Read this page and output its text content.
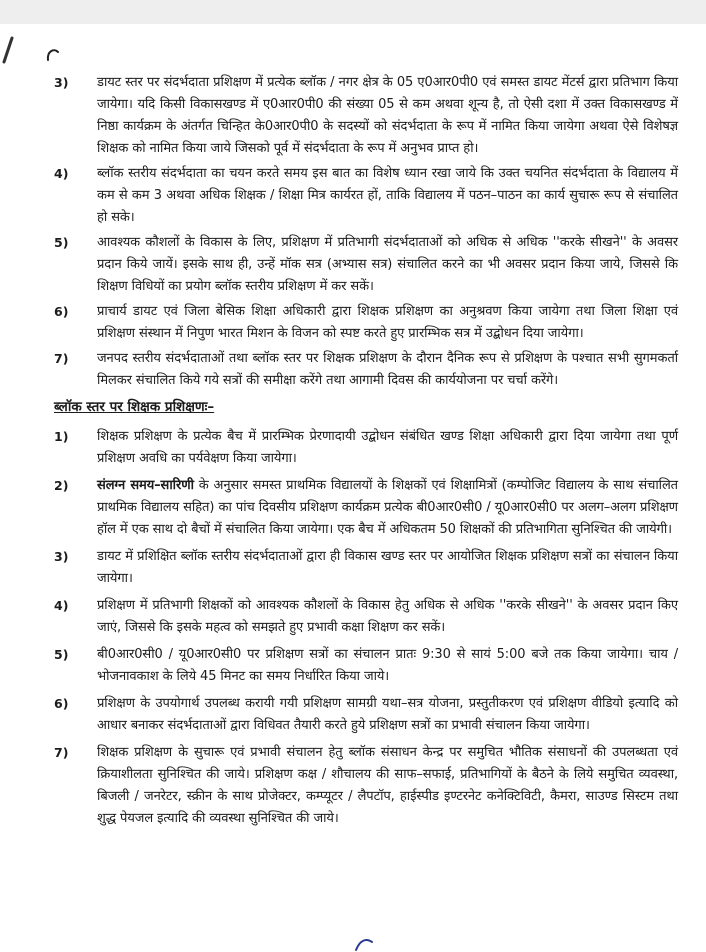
3) डायट स्तर पर संदर्भदाता प्रशिक्षण में प्रत्येक ब्लॉक / नगर क्षेत्र के 05 ए0आर0पी0 एवं समस्त डायट मेंटर्स द्वारा प्रतिभाग किया जायेगा। यदि किसी विकासखण्ड में ए0आर0पी0 की संख्या 05 से कम अथवा शून्य है, तो ऐसी दशा में उक्त विकासखण्ड में निष्ठा कार्यक्रम के अंतर्गत चिन्हित के0आर0पी0 के सदस्यों को संदर्भदाता के रूप में नामित किया जायेगा अथवा ऐसे विशेषज्ञ शिक्षक को नामित किया जाये जिसको पूर्व में संदर्भदाता के रूप में अनुभव प्राप्त हो।
4) ब्लॉक स्तरीय संदर्भदाता का चयन करते समय इस बात का विशेष ध्यान रखा जाये कि उक्त चयनित संदर्भदाता के विद्यालय में कम से कम 3 अथवा अधिक शिक्षक / शिक्षा मित्र कार्यरत हों, ताकि विद्यालय में पठन–पाठन का कार्य सुचारू रूप से संचालित हो सके।
5) आवश्यक कौशलों के विकास के लिए, प्रशिक्षण में प्रतिभागी संदर्भदाताओं को अधिक से अधिक ''करके सीखने'' के अवसर प्रदान किये जायें। इसके साथ ही, उन्हें मॉक सत्र (अभ्यास सत्र) संचालित करने का भी अवसर प्रदान किया जाये, जिससे कि शिक्षण विधियों का प्रयोग ब्लॉक स्तरीय प्रशिक्षण में कर सकें।
6) प्राचार्य डायट एवं जिला बेसिक शिक्षा अधिकारी द्वारा शिक्षक प्रशिक्षण का अनुश्रवण किया जायेगा तथा जिला शिक्षा एवं प्रशिक्षण संस्थान में निपुण भारत मिशन के विजन को स्पष्ट करते हुए प्रारम्भिक सत्र में उद्बोधन दिया जायेगा।
7) जनपद स्तरीय संदर्भदाताओं तथा ब्लॉक स्तर पर शिक्षक प्रशिक्षण के दौरान दैनिक रूप से प्रशिक्षण के पश्चात सभी सुगमकर्ता मिलकर संचालित किये गये सत्रों की समीक्षा करेंगे तथा आगामी दिवस की कार्ययोजना पर चर्चा करेंगे।
ब्लॉक स्तर पर शिक्षक प्रशिक्षणः–
1) शिक्षक प्रशिक्षण के प्रत्येक बैच में प्रारम्भिक प्रेरणादायी उद्बोधन संबंधित खण्ड शिक्षा अधिकारी द्वारा दिया जायेगा तथा पूर्ण प्रशिक्षण अवधि का पर्यवेक्षण किया जायेगा।
2) संलग्न समय–सारिणी के अनुसार समस्त प्राथमिक विद्यालयों के शिक्षकों एवं शिक्षामित्रों (कम्पोजिट विद्यालय के साथ संचालित प्राथमिक विद्यालय सहित) का पांच दिवसीय प्रशिक्षण कार्यक्रम प्रत्येक बी0आर0सी0 / यू0आर0सी0 पर अलग–अलग प्रशिक्षण हॉल में एक साथ दो बैचों में संचालित किया जायेगा। एक बैच में अधिकतम 50 शिक्षकों की प्रतिभागिता सुनिश्चित की जायेगी।
3) डायट में प्रशिक्षित ब्लॉक स्तरीय संदर्भदाताओं द्वारा ही विकास खण्ड स्तर पर आयोजित शिक्षक प्रशिक्षण सत्रों का संचालन किया जायेगा।
4) प्रशिक्षण में प्रतिभागी शिक्षकों को आवश्यक कौशलों के विकास हेतु अधिक से अधिक ''करके सीखने'' के अवसर प्रदान किए जाएं, जिससे कि इसके महत्व को समझते हुए प्रभावी कक्षा शिक्षण कर सकें।
5) बी0आर0सी0 / यू0आर0सी0 पर प्रशिक्षण सत्रों का संचालन प्रातः 9:30 से सायं 5:00 बजे तक किया जायेगा। चाय / भोजनावकाश के लिये 45 मिनट का समय निर्धारित किया जाये।
6) प्रशिक्षण के उपयोगार्थ उपलब्ध करायी गयी प्रशिक्षण सामग्री यथा–सत्र योजना, प्रस्तुतीकरण एवं प्रशिक्षण वीडियो इत्यादि को आधार बनाकर संदर्भदाताओं द्वारा विधिवत तैयारी करते हुये प्रशिक्षण सत्रों का प्रभावी संचालन किया जायेगा।
7) शिक्षक प्रशिक्षण के सुचारू एवं प्रभावी संचालन हेतु ब्लॉक संसाधन केन्द्र पर समुचित भौतिक संसाधनों की उपलब्धता एवं क्रियाशीलता सुनिश्चित की जाये। प्रशिक्षण कक्ष / शौचालय की साफ–सफाई, प्रतिभागियों के बैठने के लिये समुचित व्यवस्था, बिजली / जनरेटर, स्क्रीन के साथ प्रोजेक्टर, कम्प्यूटर / लैपटॉप, हाईस्पीड इण्टरनेट कनेक्टिविटी, कैमरा, साउण्ड सिस्टम तथा शुद्ध पेयजल इत्यादि की व्यवस्था सुनिश्चित की जाये।
